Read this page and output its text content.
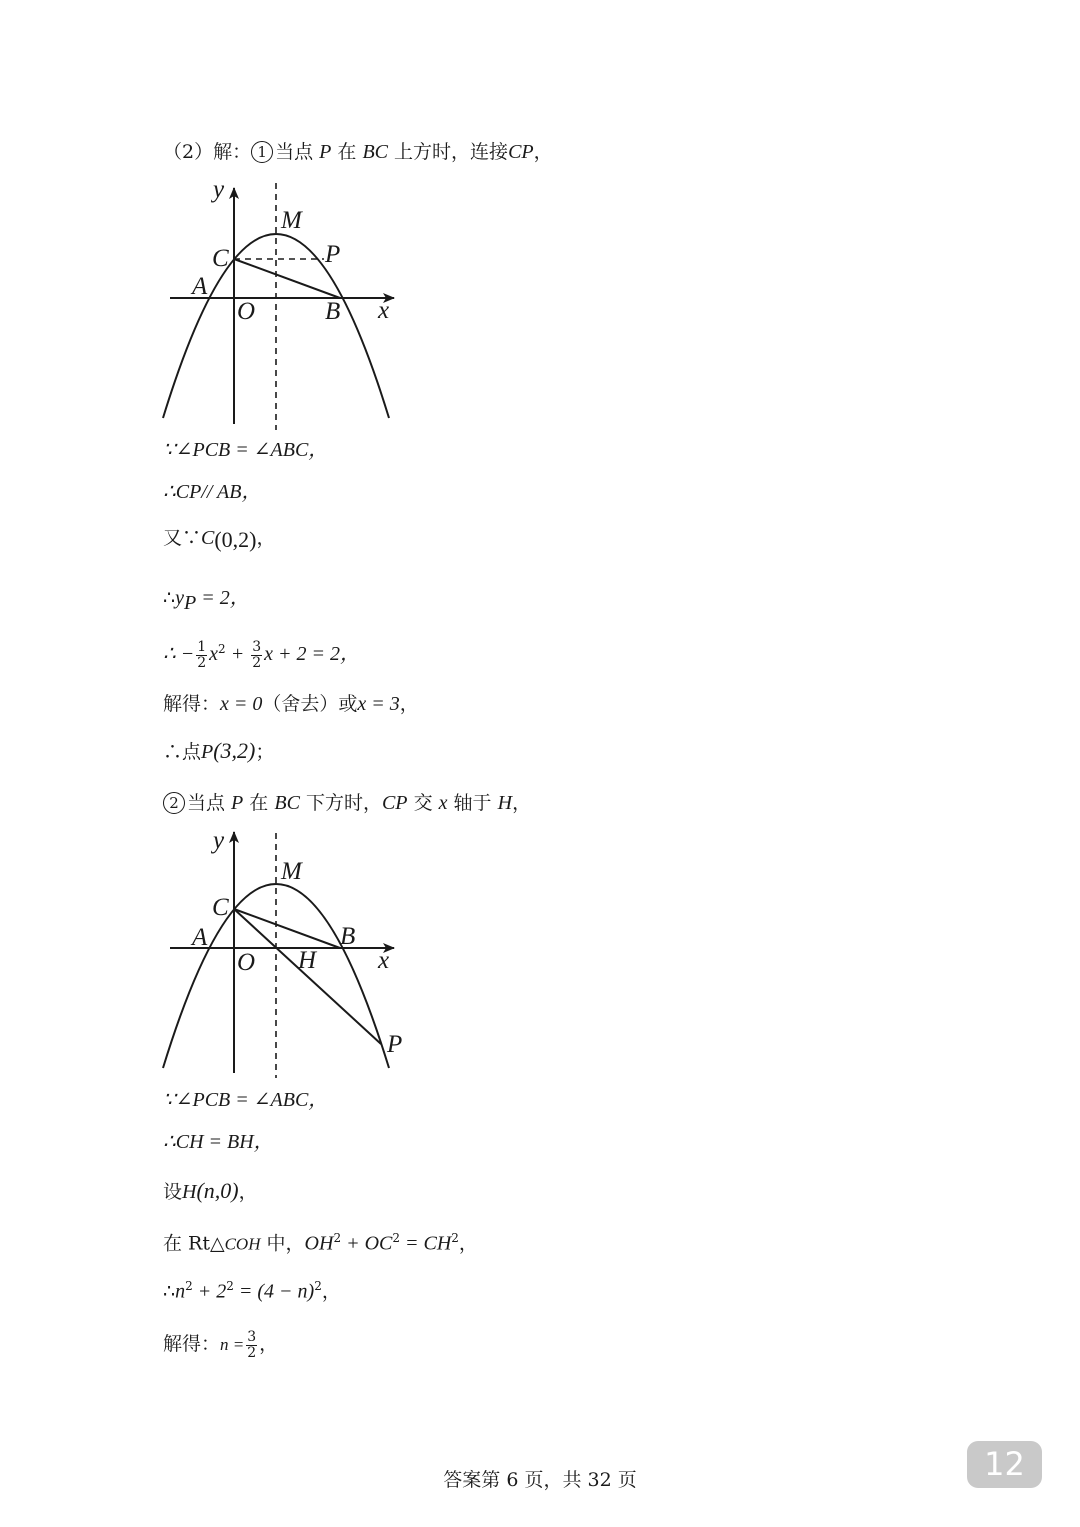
（2）解： 1 当点 P 在 BC 上方时，连接CP，
y
x
O
A
B
C
M
P
y
x
O
A	B
C
M
H
P
∵∠PCB = ∠ABC，
∴CP// AB，
又∵C(0,2)，
$\therefore y_P = 2$，
∴ − $\frac{1}{2} x^2 + \frac{3}{2}$ x + 2 = 2，
解得：x = 0（舍去）或x = 3，
∴点P(3,2)；
2 当点 P 在 BC 下方时，CP 交 x 轴于 H，
∵∠PCB = ∠ABC，
∴CH = BH，
设H(n,0)，
在 Rt△COH 中，$OH^2 + OC^2 = CH^2$，
$\therefore n^2 + 2^2 = (4 - n)^2$，
解得：$n = \frac{3}{2}$ ，
答案第 6 页，共 32 页	12
